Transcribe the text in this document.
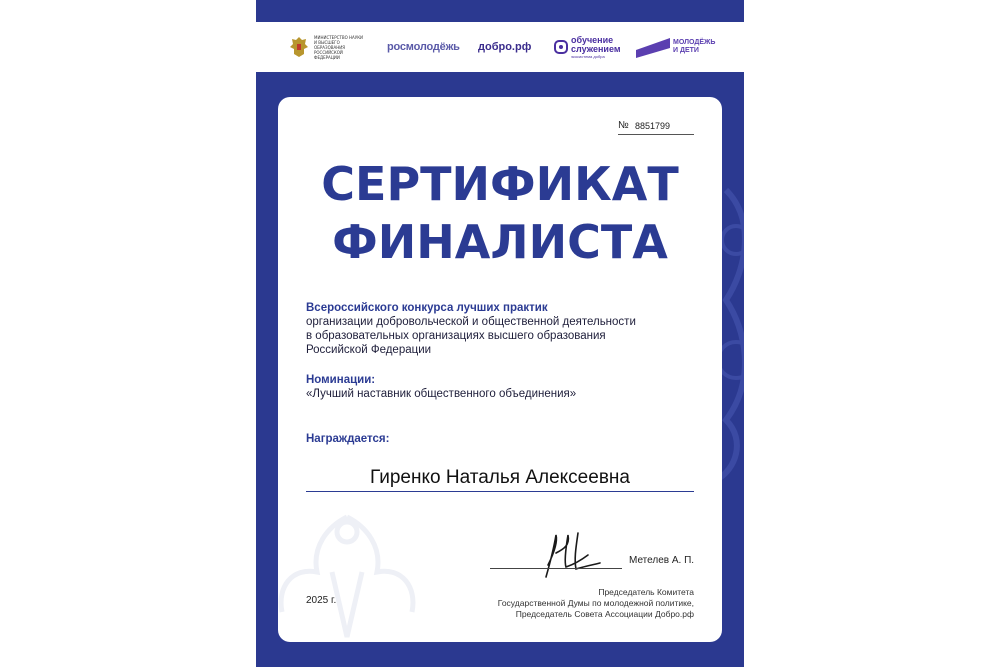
МИНИСТЕРСТВО НАУКИ И ВЫСШЕГО ОБРАЗОВАНИЯ РОССИЙСКОЙ ФЕДЕРАЦИИ
росмолодёжь добро.рф
обучение служением
экосистема добра
МОЛОДЁЖЬ И ДЕТИ
№ 8851799
СЕРТИФИКАТ
ФИНАЛИСТА
Всероссийского конкурса лучших практик
организации добровольческой и общественной деятельности
в образовательных организациях высшего образования
Российской Федерации
Номинации:
«Лучший наставник общественного объединения»
Награждается:
Гиренко Наталья Алексеевна
Метелев А. П.
2025 г.
Председатель Комитета
Государственной Думы по молодежной политике,
Председатель Совета Ассоциации Добро.рф
